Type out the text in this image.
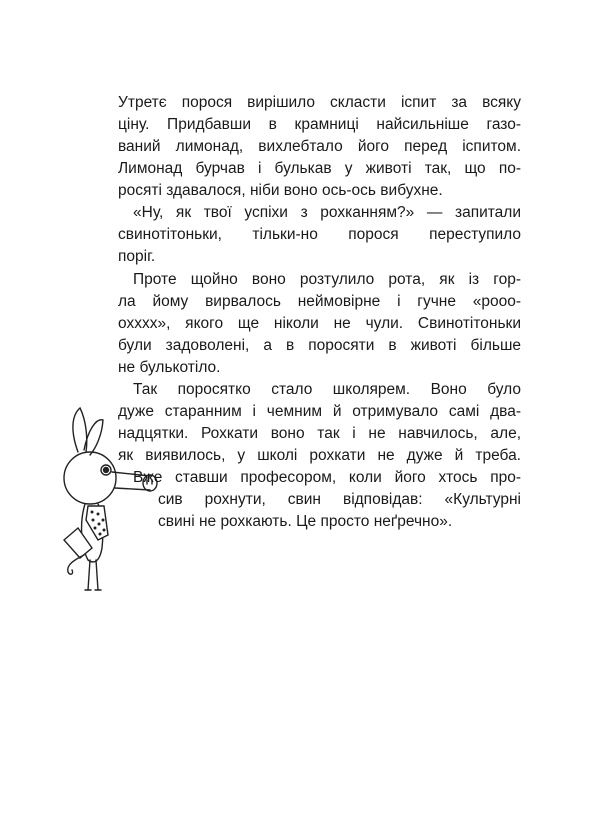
Утретє порося вирішило скласти іспит за всяку
ціну. Придбавши в крамниці найсильніше газо-
ваний лимонад, вихлебтало його перед іспитом.
Лимонад бурчав і булькав у животі так, що по-
росяті здавалося, ніби воно ось-ось вибухне.
«Ну, як твої успіхи з рохканням?» — запитали
свинотітоньки, тільки-но порося переступило
поріг.
Проте щойно воно розтулило рота, як із гор-
ла йому вирвалось неймовірне і гучне «рооо-
охххх», якого ще ніколи не чули. Свинотітоньки
були задоволені, а в поросяти в животі більше
не булькотіло.
Так поросятко стало школярем. Воно було
дуже старанним і чемним й отримувало самі два-
надцятки. Рохкати воно так і не навчилось, але,
як виявилось, у школі рохкати не дуже й треба.
Вже ставши професором, коли його хтось про-
сив рохнути, свин відповідав: «Культурні
свині не рохкають. Це просто неґречно».
